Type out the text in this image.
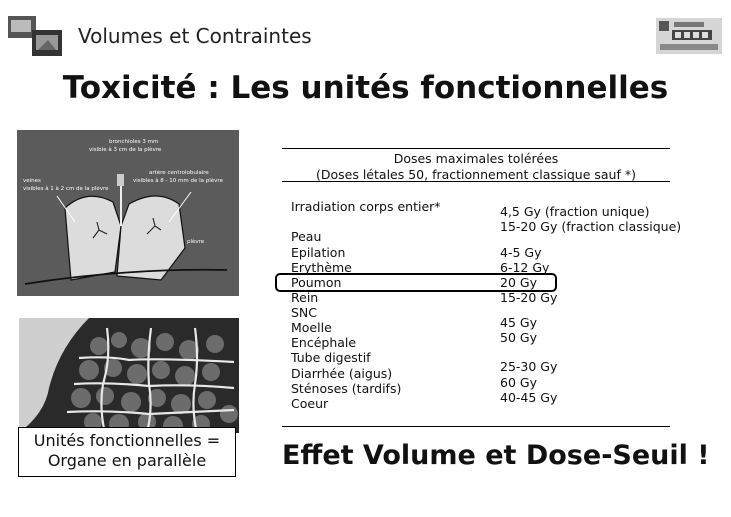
Volumes et Contraintes
Toxicité : Les unités fonctionnelles
bronchioles 3 mm
visible à 3 cm de la plèvre
veines
visibles à 1 à 2 cm de la plèvre
artère centrolobulaire
visibles à 8 - 10 mm de la plèvre
plèvre
Unités fonctionnelles =
Organe en parallèle
Doses maximales tolérées
(Doses létales 50, fractionnement classique sauf *)
Irradiation corps entier*
Peau
Epilation
Erythème
Poumon
Rein
SNC
Moelle
Encéphale
Tube digestif
Diarrhée (aigus)
Sténoses (tardifs)
Coeur
4,5 Gy (fraction unique)
15-20 Gy (fraction classique)
4-5 Gy
6-12 Gy
20 Gy
15-20 Gy
45 Gy
50 Gy
25-30 Gy
60 Gy
40-45 Gy
Effet Volume et Dose-Seuil !
